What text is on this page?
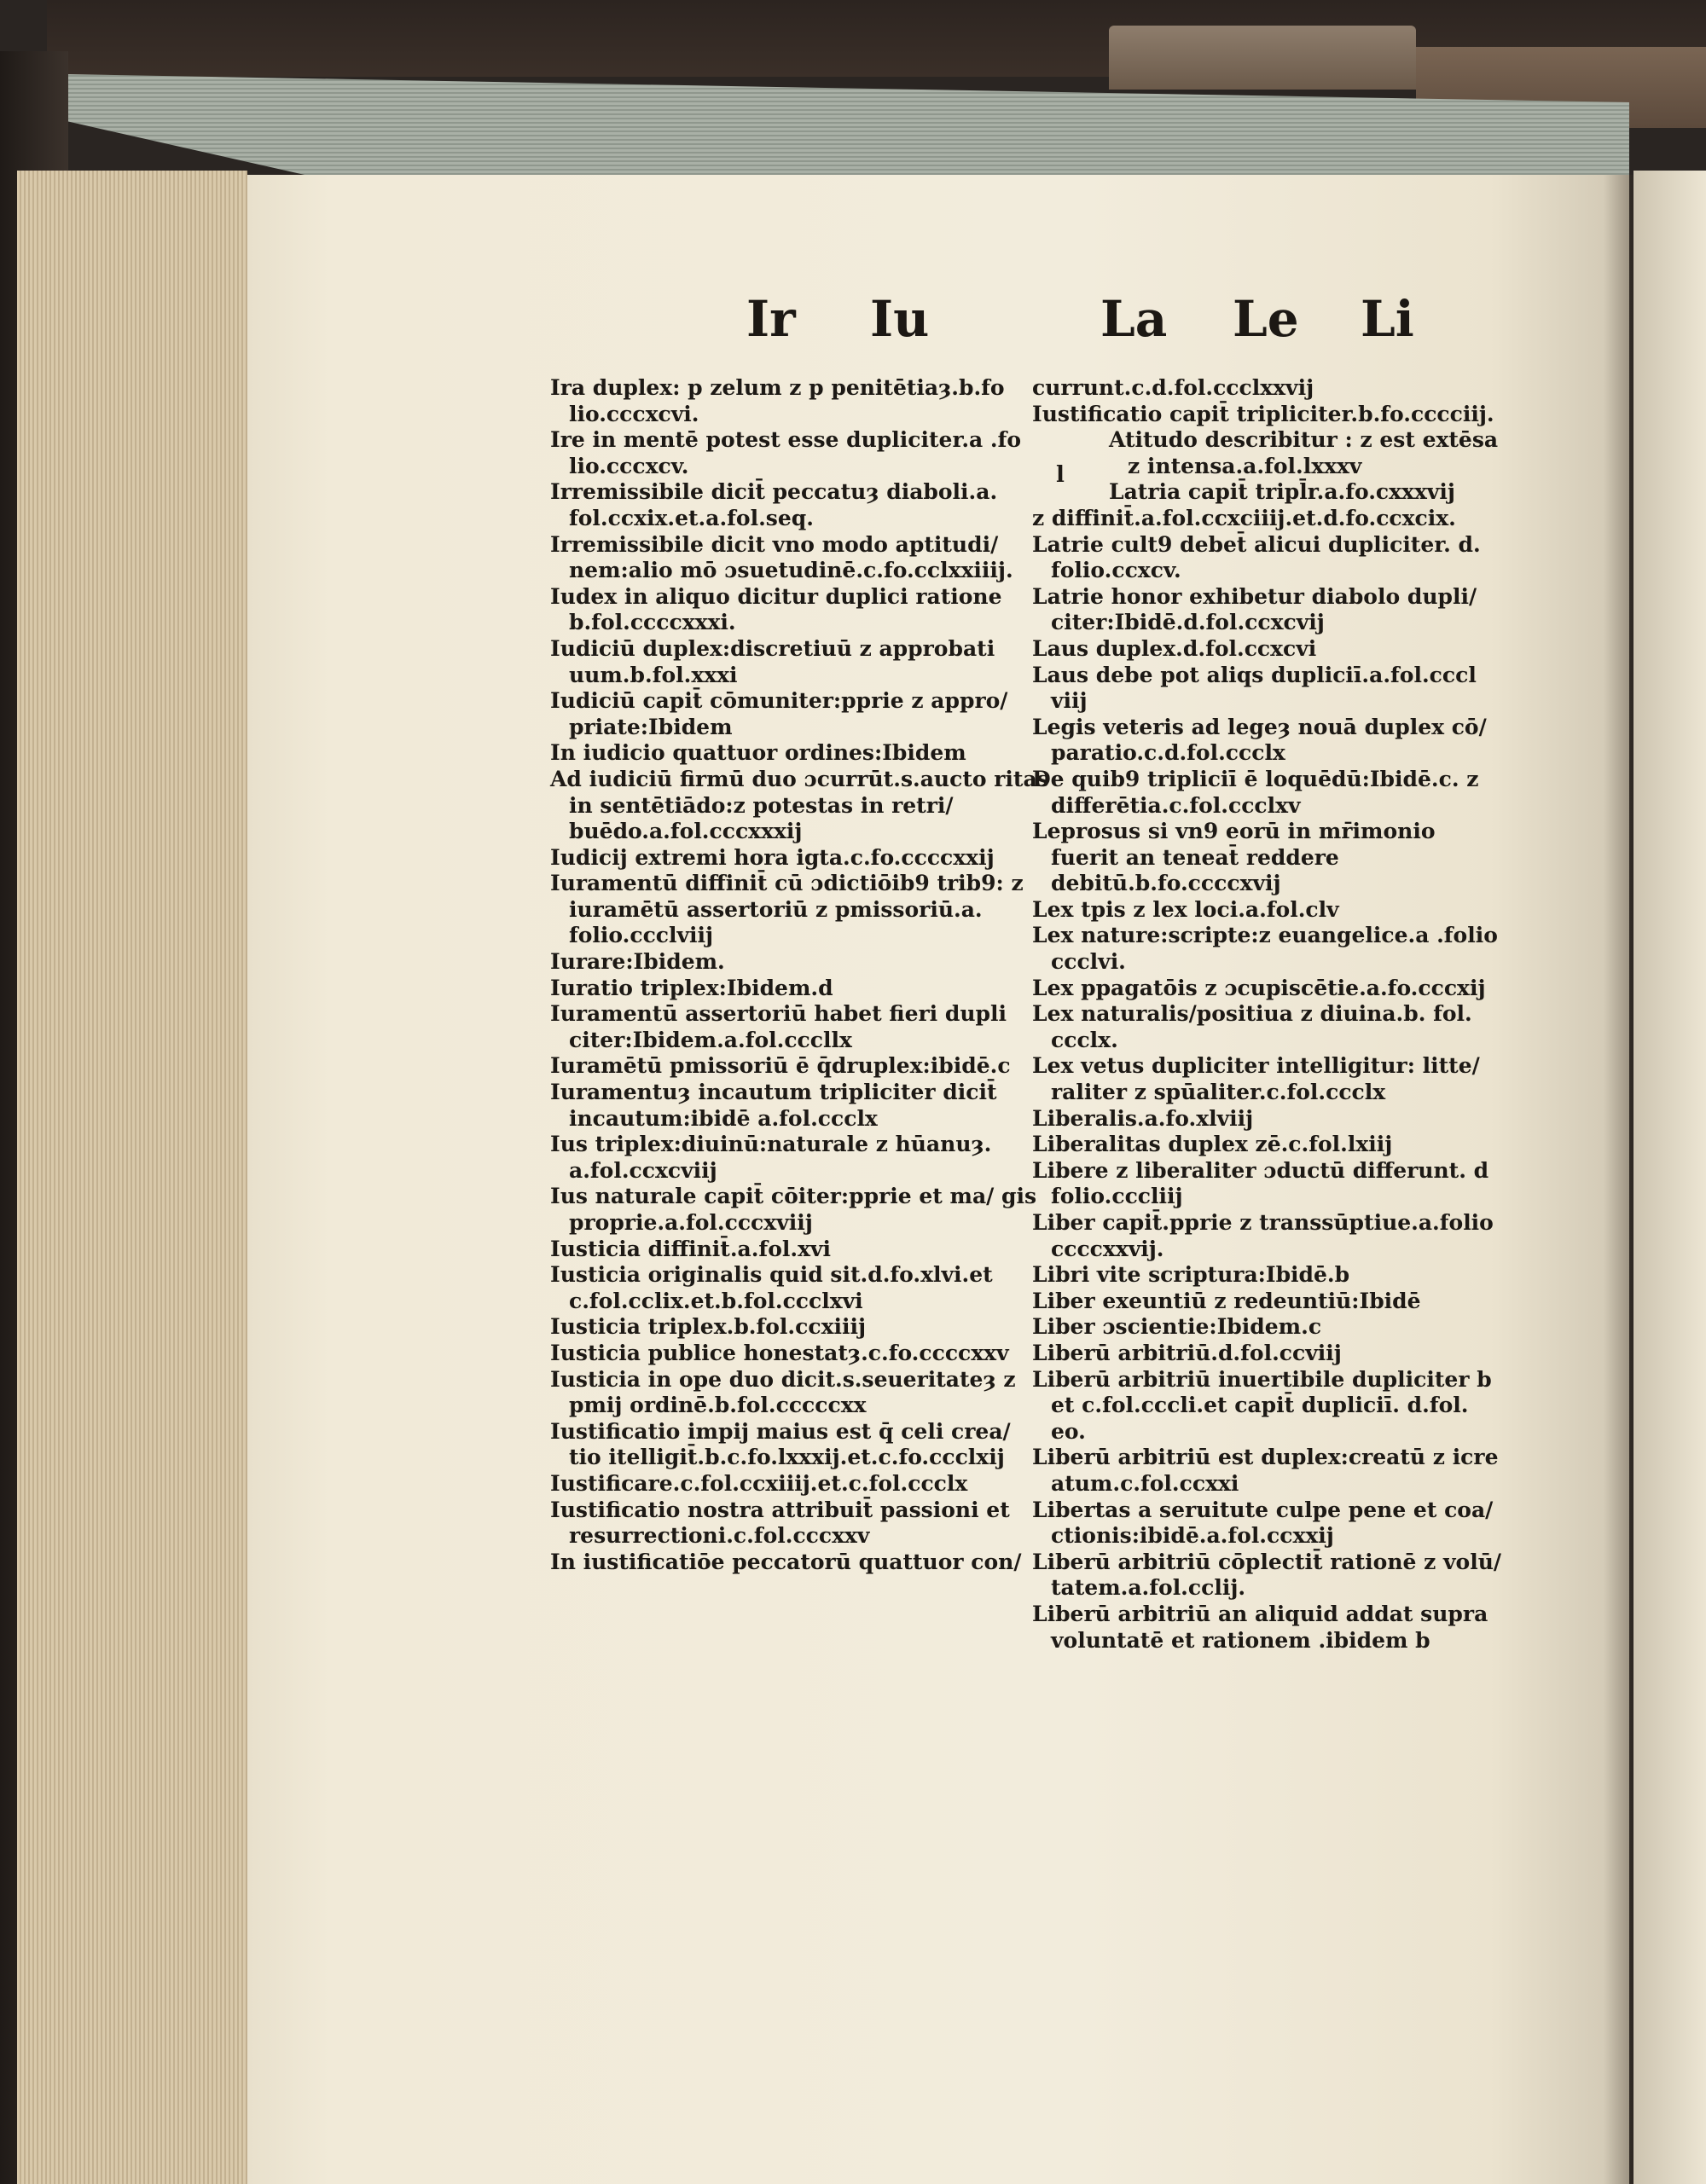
Ir Iu	La Le Li
Ira duplex: p zelum z p penitētiaȝ.b.fo lio.cccxcvi.
Ire in mentē potest esse dupliciter.a .fo lio.cccxcv.
Irremissibile dicit̄ peccatuȝ diaboli.a. fol.ccxix.et.a.fol.seq.
Irremissibile dicit vno modo aptitudi/ nem:alio mō ɔsuetudinē.c.fo.cclxxiiij.
Iudex in aliquo dicitur duplici ratione b.fol.ccccxxxi.
Iudiciū duplex:discretiuū z approbati uum.b.fol.xxxi
Iudiciū capit̄ cōmuniter:pprie z appro/ priate:Ibidem
In iudicio quattuor ordines:Ibidem
Ad iudiciū firmū duo ɔcurrūt.s.aucto ritas in sentētiādo:z potestas in retri/ buēdo.a.fol.cccxxxij
Iudicij extremi hora igta.c.fo.ccccxxij
Iuramentū diffinit̄ cū ɔdictiōib9 trib9: z iuramētū assertoriū z pmissoriū.a. folio.ccclviij
Iurare:Ibidem.
Iuratio triplex:Ibidem.d
Iuramentū assertoriū habet fieri dupli citer:Ibidem.a.fol.cccllx
Iuramētū pmissoriū ē q̄druplex:ibidē.c
Iuramentuȝ incautum tripliciter dicit̄ incautum:ibidē a.fol.ccclx
Ius triplex:diuinū:naturale z hūanuȝ. a.fol.ccxcviij
Ius naturale capit̄ cōiter:pprie et ma/ gis proprie.a.fol.cccxviij
Iusticia diffinit̄.a.fol.xvi
Iusticia originalis quid sit.d.fo.xlvi.et c.fol.cclix.et.b.fol.ccclxvi
Iusticia triplex.b.fol.ccxiiij
Iusticia publice honestatȝ.c.fo.ccccxxv
Iusticia in ope duo dicit.s.seueritateȝ z pmij ordinē.b.fol.cccccxx
Iustificatio impij maius est q̄ celi crea/ tio itelligit̄.b.c.fo.lxxxij.et.c.fo.ccclxij
Iustificare.c.fol.ccxiiij.et.c.fol.ccclx
Iustificatio nostra attribuit̄ passioni et resurrectioni.c.fol.cccxxv
In iustificatiōe peccatorū quattuor con/
currunt.c.d.fol.ccclxxvij
Iustificatio capit̄ tripliciter.b.fo.cccciij.
Atitudo describitur : z est extēsa z intensa.a.fol.lxxxv
Latria capit̄ tripl̄r.a.fo.cxxxvij
z diffinit̄.a.fol.ccxciiij.et.d.fo.ccxcix.
Latrie cult9 debet̄ alicui dupliciter. d. folio.ccxcv.
Latrie honor exhibetur diabolo dupli/ citer:Ibidē.d.fol.ccxcvij
Laus duplex.d.fol.ccxcvi
Laus debe pot aliqs dupliciī.a.fol.cccl viij
Legis veteris ad legeȝ nouā duplex cō/ paratio.c.d.fol.ccclx
De quib9 tripliciī ē loquēdū:Ibidē.c. z differētia.c.fol.ccclxv
Leprosus si vn9 eorū in mr̄imonio fuerit an teneat̄ reddere debitū.b.fo.ccccxvij
Lex tpis z lex loci.a.fol.clv
Lex nature:scripte:z euangelice.a .folio ccclvi.
Lex ppagatōis z ɔcupiscētie.a.fo.cccxij
Lex naturalis/positiua z diuina.b. fol. ccclx.
Lex vetus dupliciter intelligitur: litte/ raliter z spūaliter.c.fol.ccclx
Liberalis.a.fo.xlviij
Liberalitas duplex zē.c.fol.lxiij
Libere z liberaliter ɔductū differunt. d folio.cccliij
Liber capit̄.pprie z transsūptiue.a.folio ccccxxvij.
Libri vite scriptura:Ibidē.b
Liber exeuntiū z redeuntiū:Ibidē
Liber ɔscientie:Ibidem.c
Liberū arbitriū.d.fol.ccviij
Liberū arbitriū inuertibile dupliciter b et c.fol.cccli.et capit̄ dupliciī. d.fol. eo.
Liberū arbitriū est duplex:creatū z icre atum.c.fol.ccxxi
Libertas a seruitute culpe pene et coa/ ctionis:ibidē.a.fol.ccxxij
Liberū arbitriū cōplectit̄ rationē z volū/ tatem.a.fol.cclij.
Liberū arbitriū an aliquid addat supra voluntatē et rationem .ibidem b
l
